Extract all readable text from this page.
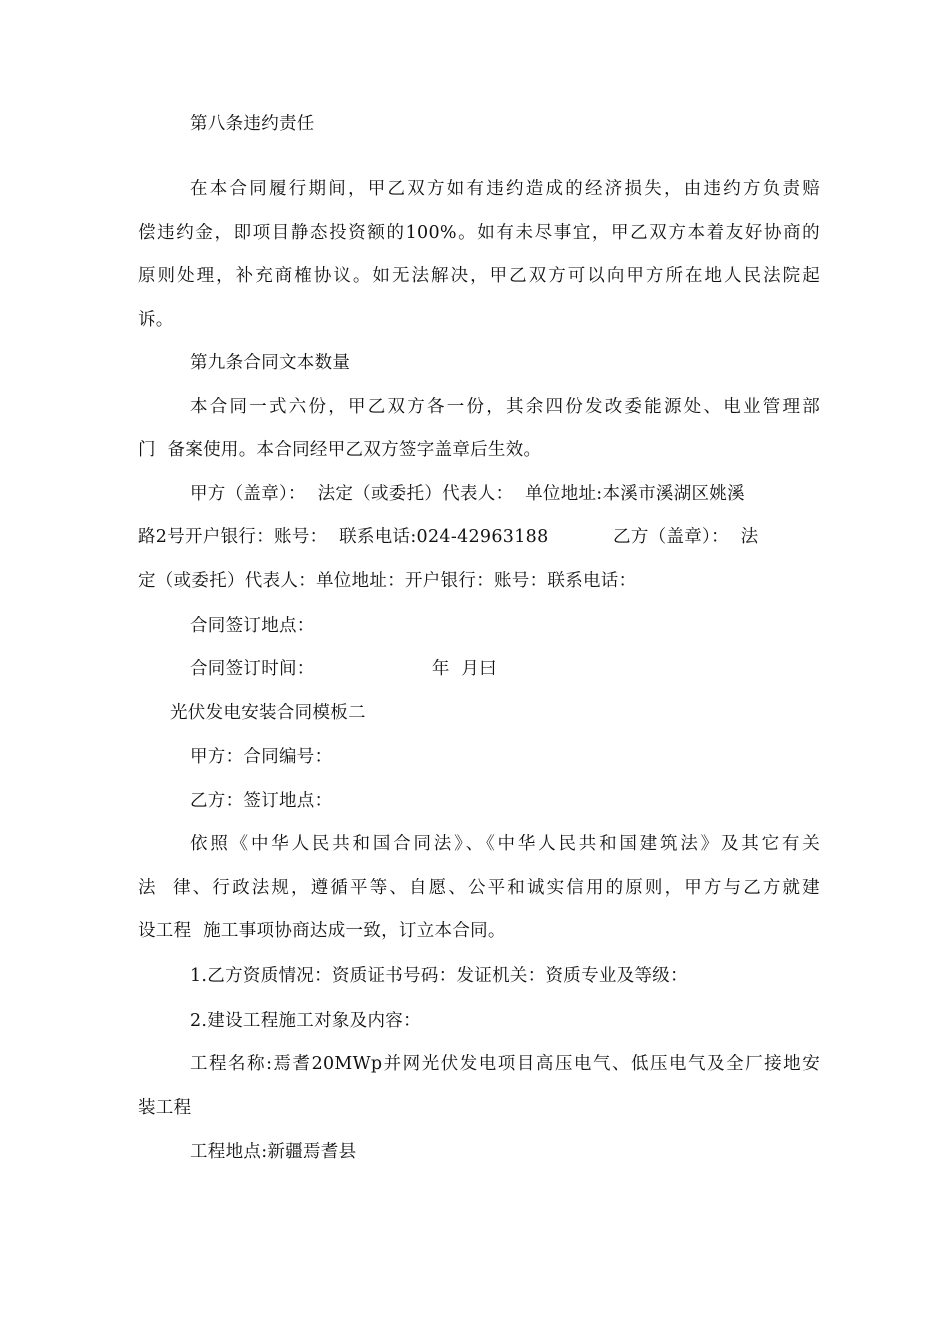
第八条违约责任
在本合同履行期间，甲乙双方如有违约造成的经济损失，由违约方负责赔
偿违约金，即项目静态投资额的100%。如有未尽事宜，甲乙双方本着友好协商的
原则处理，补充商榷协议。如无法解决，甲乙双方可以向甲方所在地人民法院起
诉。
第九条合同文本数量
本合同一式六份，甲乙双方各一份，其余四份发改委能源处、电业管理部
门  备案使用。本合同经甲乙双方签字盖章后生效。
甲方（盖章）：  法定（或委托）代表人：  单位地址:本溪市溪湖区姚溪
路2号开户银行：账号：  联系电话:024-42963188           乙方（盖章）：  法
定（或委托）代表人：单位地址：开户银行：账号：联系电话：
合同签订地点：
合同签订时间：                    年  月曰
光伏发电安装合同模板二
甲方：合同编号：
乙方：签订地点：
依照《中华人民共和国合同法》、《中华人民共和国建筑法》及其它有关
法  律、行政法规，遵循平等、自愿、公平和诚实信用的原则，甲方与乙方就建
设工程  施工事项协商达成一致，订立本合同。
1.乙方资质情况：资质证书号码：发证机关：资质专业及等级：
2.建设工程施工对象及内容：
工程名称:焉耆20MWp并网光伏发电项目高压电气、低压电气及全厂接地安
装工程
工程地点:新疆焉耆县
